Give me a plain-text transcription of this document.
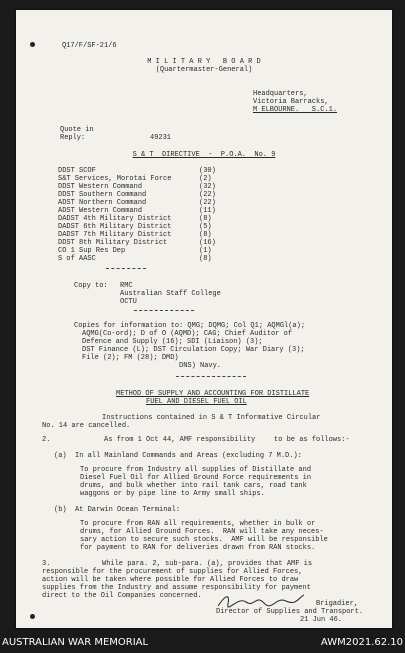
Q17/F/SF-21/6
M I L I T A R Y   B O A R D
(Quartermaster-General)
Headquarters,
Victoria Barracks,
M ELBOURNE.   S.C.1.
Quote in
Reply:	49231
S & T  DIRECTIVE  -  P.O.A.  No. 9
DDST SCOF	(30)
S&T Services, Morotai Force	(2)
DDST Western Command	(32)
DDST Southern Command	(22)
ADST Northern Command	(22)
ADST Western Command	(11)
DADST 4th Military District	(8)
DADST 6th Military District	(5)
DADST 7th Military District	(8)
DDST 8th Military District	(16)
CO 1 Sup Res Dep	(1)
S of AASC	(8)
Copy to: RMC
Australian Staff College
OCTU
Copies for information to: QMG; DQMG; Col Q1; AQMGl(a);
AQMG(Co-ord); D of O (AQMD); CAG; Chief Auditor of
Defence and Supply (16); SDI (Liaison) (3);
DST Finance (L); DST Circulation Copy; War Diary (3);
File (2); FM (28); DMD)
DNS) Navy.
METHOD OF SUPPLY AND ACCOUNTING FOR DISTILLATE
FUEL AND DIESEL FUEL OIL
Instructions contained in S & T Informative Circular
No. 14 are cancelled.
2.	As from 1 Oct 44, AMF responsibility	to be as follows:-
(a)  In all Mainland Commands and Areas (excluding 7 M.D.):
To procure from Industry all supplies of Distillate and
Diesel Fuel Oil for Allied Ground Force requirements in
drums, and bulk whether into rail tank cars, road tank
waggons or by pipe line to Army small ships.
(b)  At Darwin Ocean Terminal:
To procure from RAN all requirements, whether in bulk or
drums, for Allied Ground Forces.  RAN will take any neces-
sary action to secure such stocks.  AMF will be responsible
for payment to RAN for deliveries drawn from RAN stocks.
3.	While para. 2, sub-para. (a), provides that AMF is
responsible for the procurement of supplies for Allied Forces,
action will be taken where possible for Allied Forces to draw
supplies from the Industry and assume responsibility for payment
direct to the Oil Companies concerned.
Brigadier,
Director of Supplies and Transport.
21 Jun 46.
AUSTRALIAN WAR MEMORIAL	AWM2021.62.10
